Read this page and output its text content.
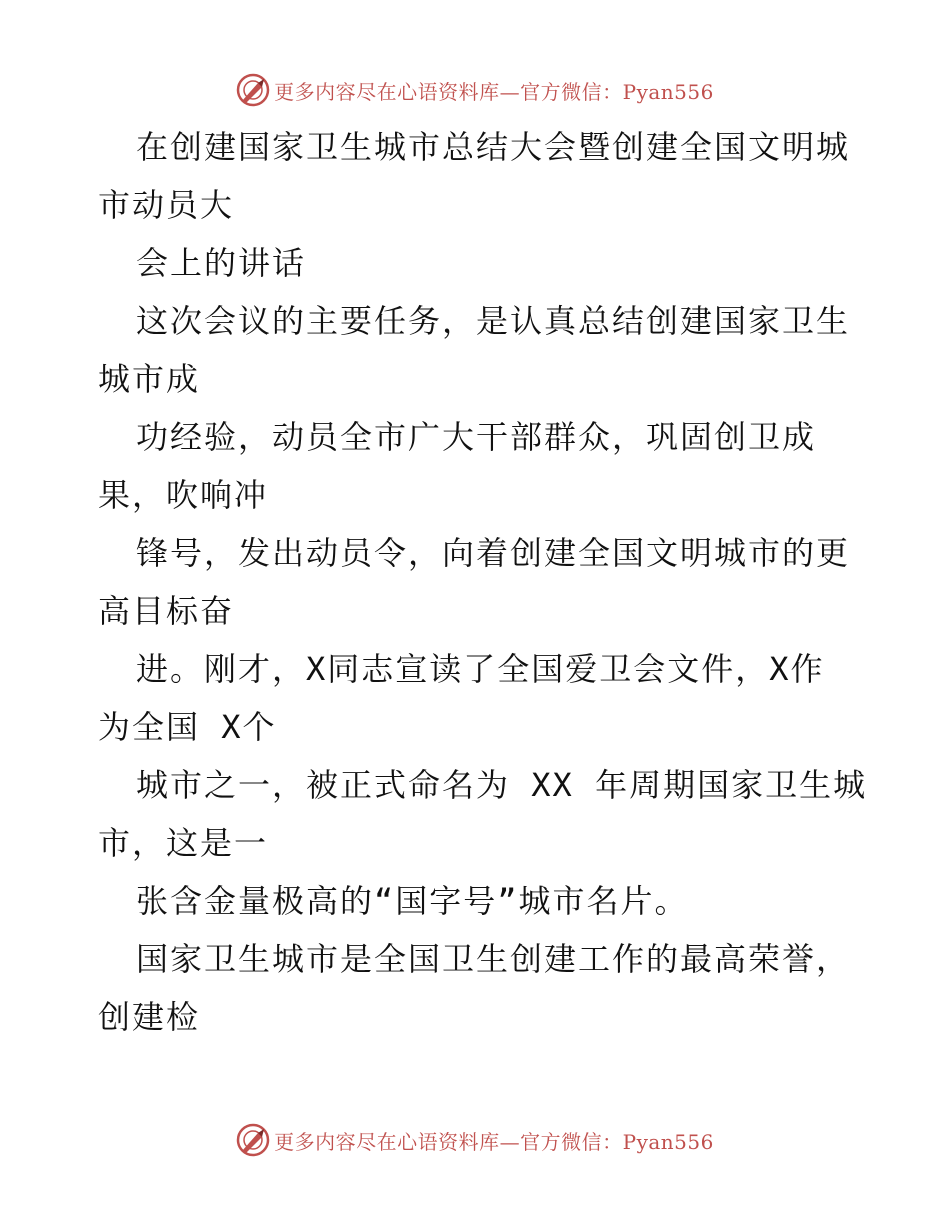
更多内容尽在心语资料库—官方微信：Pyan556
在创建国家卫生城市总结大会暨创建全国文明城
市动员大
会上的讲话
这次会议的主要任务，是认真总结创建国家卫生
城市成
功经验，动员全市广大干部群众，巩固创卫成
果，吹响冲
锋号，发出动员令，向着创建全国文明城市的更
高目标奋
进。刚才，X同志宣读了全国爱卫会文件，X作
为全国 X个
城市之一，被正式命名为 XX 年周期国家卫生城
市，这是一
张含金量极高的“国字号”城市名片。
国家卫生城市是全国卫生创建工作的最高荣誉，
创建检
更多内容尽在心语资料库—官方微信：Pyan556
